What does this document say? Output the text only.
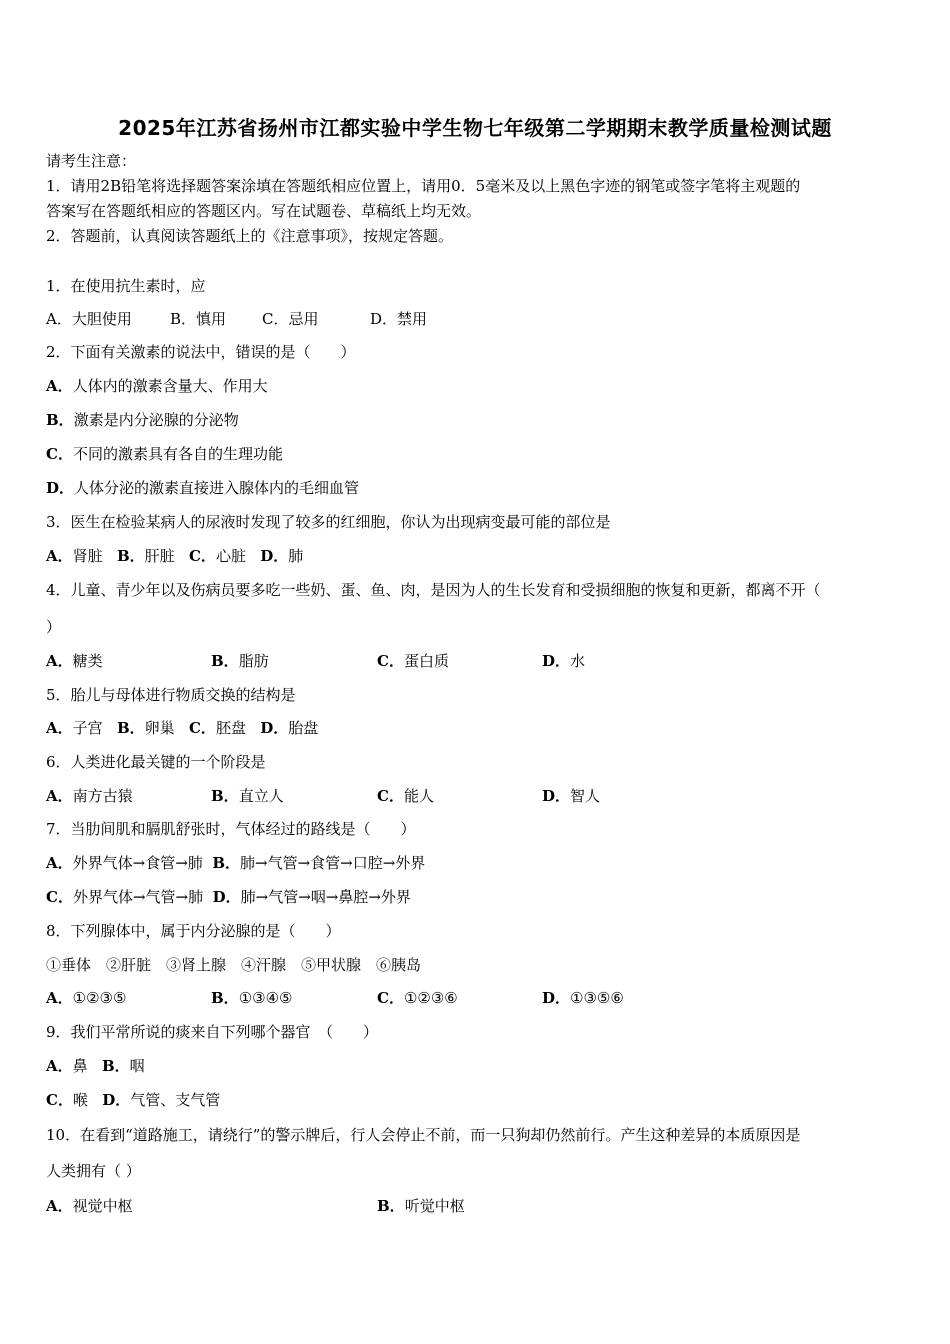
2025年江苏省扬州市江都实验中学生物七年级第二学期期末教学质量检测试题
请考生注意：
1．请用2B铅笔将选择题答案涂填在答题纸相应位置上，请用0．5毫米及以上黑色字迹的钢笔或签字笔将主观题的
答案写在答题纸相应的答题区内。写在试题卷、草稿纸上均无效。
2．答题前，认真阅读答题纸上的《注意事项》，按规定答题。
1．在使用抗生素时，应
A．大胆使用	B．慎用 C．忌用	D．禁用
2．下面有关激素的说法中，错误的是（　　）
A．人体内的激素含量大、作用大
B．激素是内分泌腺的分泌物
C．不同的激素具有各自的生理功能
D．人体分泌的激素直接进入腺体内的毛细血管
3．医生在检验某病人的尿液时发现了较多的红细胞，你认为出现病变最可能的部位是
A．肾脏 B．肝脏 C．心脏 D．肺
4．儿童、青少年以及伤病员要多吃一些奶、蛋、鱼、肉，是因为人的生长发育和受损细胞的恢复和更新，都离不开（
）
A．糖类	B．脂肪	C．蛋白质	D．水
5．胎儿与母体进行物质交换的结构是
A．子宫 B．卵巢 C．胚盘 D．胎盘
6．人类进化最关键的一个阶段是
A．南方古猿	B．直立人	C．能人	D．智人
7．当肋间肌和膈肌舒张时，气体经过的路线是（　　）
A．外界气体→食管→肺 B．肺→气管→食管→口腔→外界
C．外界气体→气管→肺 D．肺→气管→咽→鼻腔→外界
8．下列腺体中，属于内分泌腺的是（　　）
①垂体　②肝脏　③肾上腺　④汗腺　⑤甲状腺　⑥胰岛
A．①②③⑤	B．①③④⑤	C．①②③⑥	D．①③⑤⑥
9．我们平常所说的痰来自下列哪个器官　（　　）
A．鼻 B．咽
C．喉 D．气管、支气管
10．在看到“道路施工，请绕行”的警示牌后，行人会停止不前，而一只狗却仍然前行。产生这种差异的本质原因是
人类拥有（ ）
A．视觉中枢	B．听觉中枢
